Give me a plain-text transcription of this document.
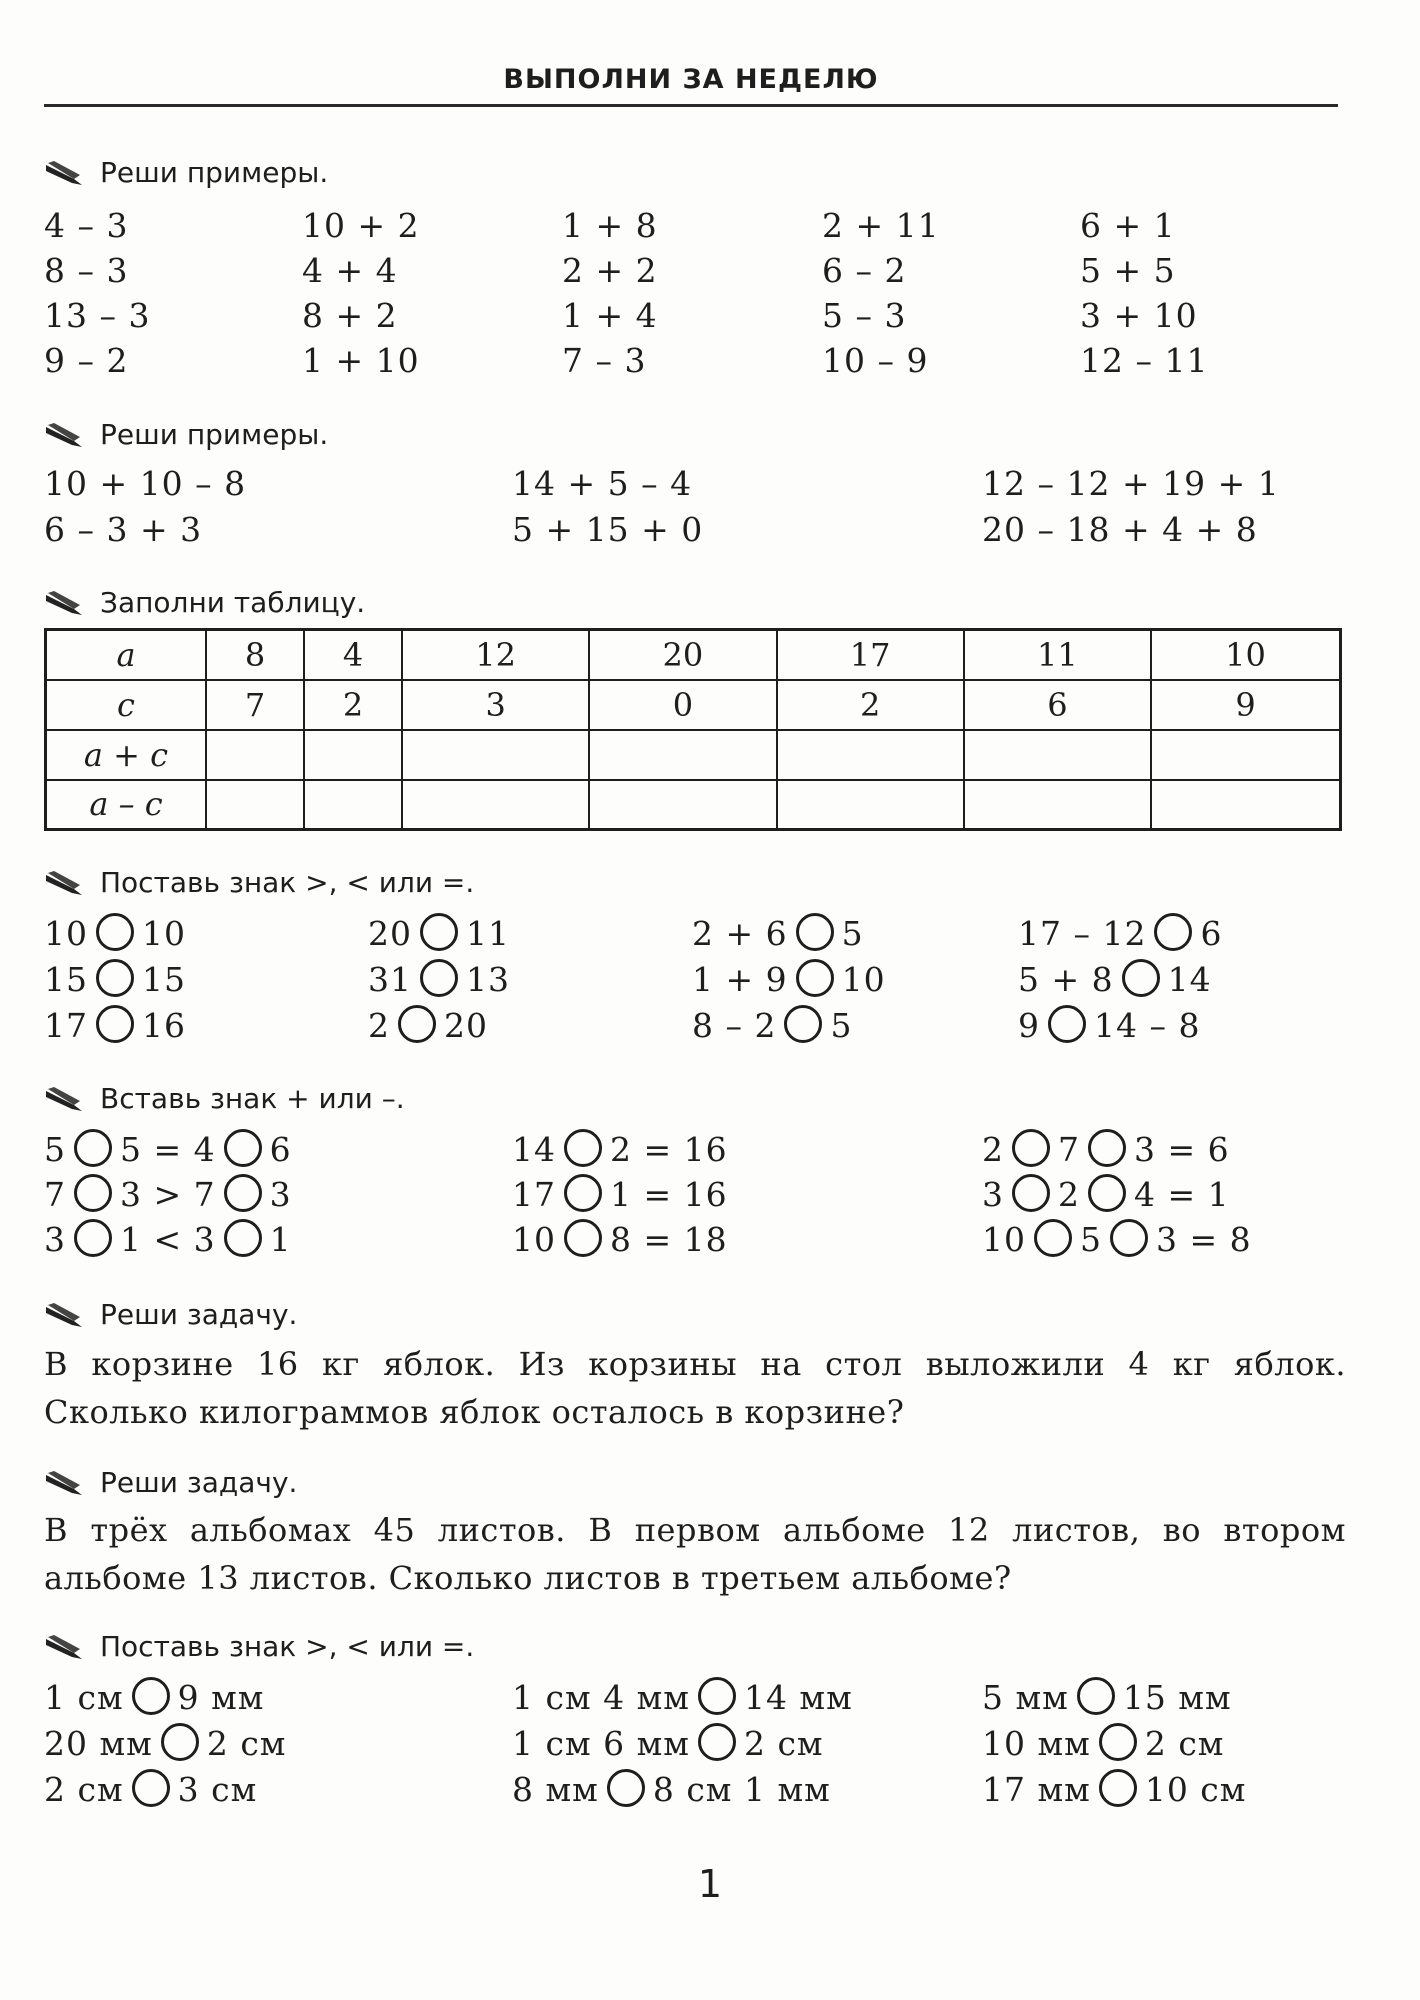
ВЫПОЛНИ ЗА НЕДЕЛЮ
Реши примеры.
4 – 3
8 – 3
13 – 3
9 – 2
10 + 2
4 + 4
8 + 2
1 + 10
1 + 8
2 + 2
1 + 4
7 – 3
2 + 11
6 – 2
5 – 3
10 – 9
6 + 1
5 + 5
3 + 10
12 – 11
Реши примеры.
10 + 10 – 8
6 – 3 + 3
14 + 5 – 4
5 + 15 + 0
12 – 12 + 19 + 1
20 – 18 + 4 + 8
Заполни таблицу.
a	8	4	12	20	17	11	10
c	7	2	3	0	2	6	9
a + c							
a – c							
Поставь знак >, < или =.
10 10
15 15
17 16
20 11
31 13
2 20
2 + 6 5
1 + 9 10
8 – 2 5
17 – 12 6
5 + 8 14
9 14 – 8
Вставь знак + или –.
5 5 = 4 6
7 3 > 7 3
3 1 < 3 1
14 2 = 16
17 1 = 16
10 8 = 18
2 7 3 = 6
3 2 4 = 1
10 5 3 = 8
Реши задачу.
В корзине 16 кг яблок. Из корзины на стол выложили 4 кг яблок. Сколько килограммов яблок осталось в корзине?
Реши задачу.
В трёх альбомах 45 листов. В первом альбоме 12 листов, во втором альбоме 13 листов. Сколько листов в третьем альбоме?
Поставь знак >, < или =.
1 см 9 мм
20 мм 2 см
2 см 3 см
1 см 4 мм 14 мм
1 см 6 мм 2 см
8 мм 8 см 1 мм
5 мм 15 мм
10 мм 2 см
17 мм 10 см
1
